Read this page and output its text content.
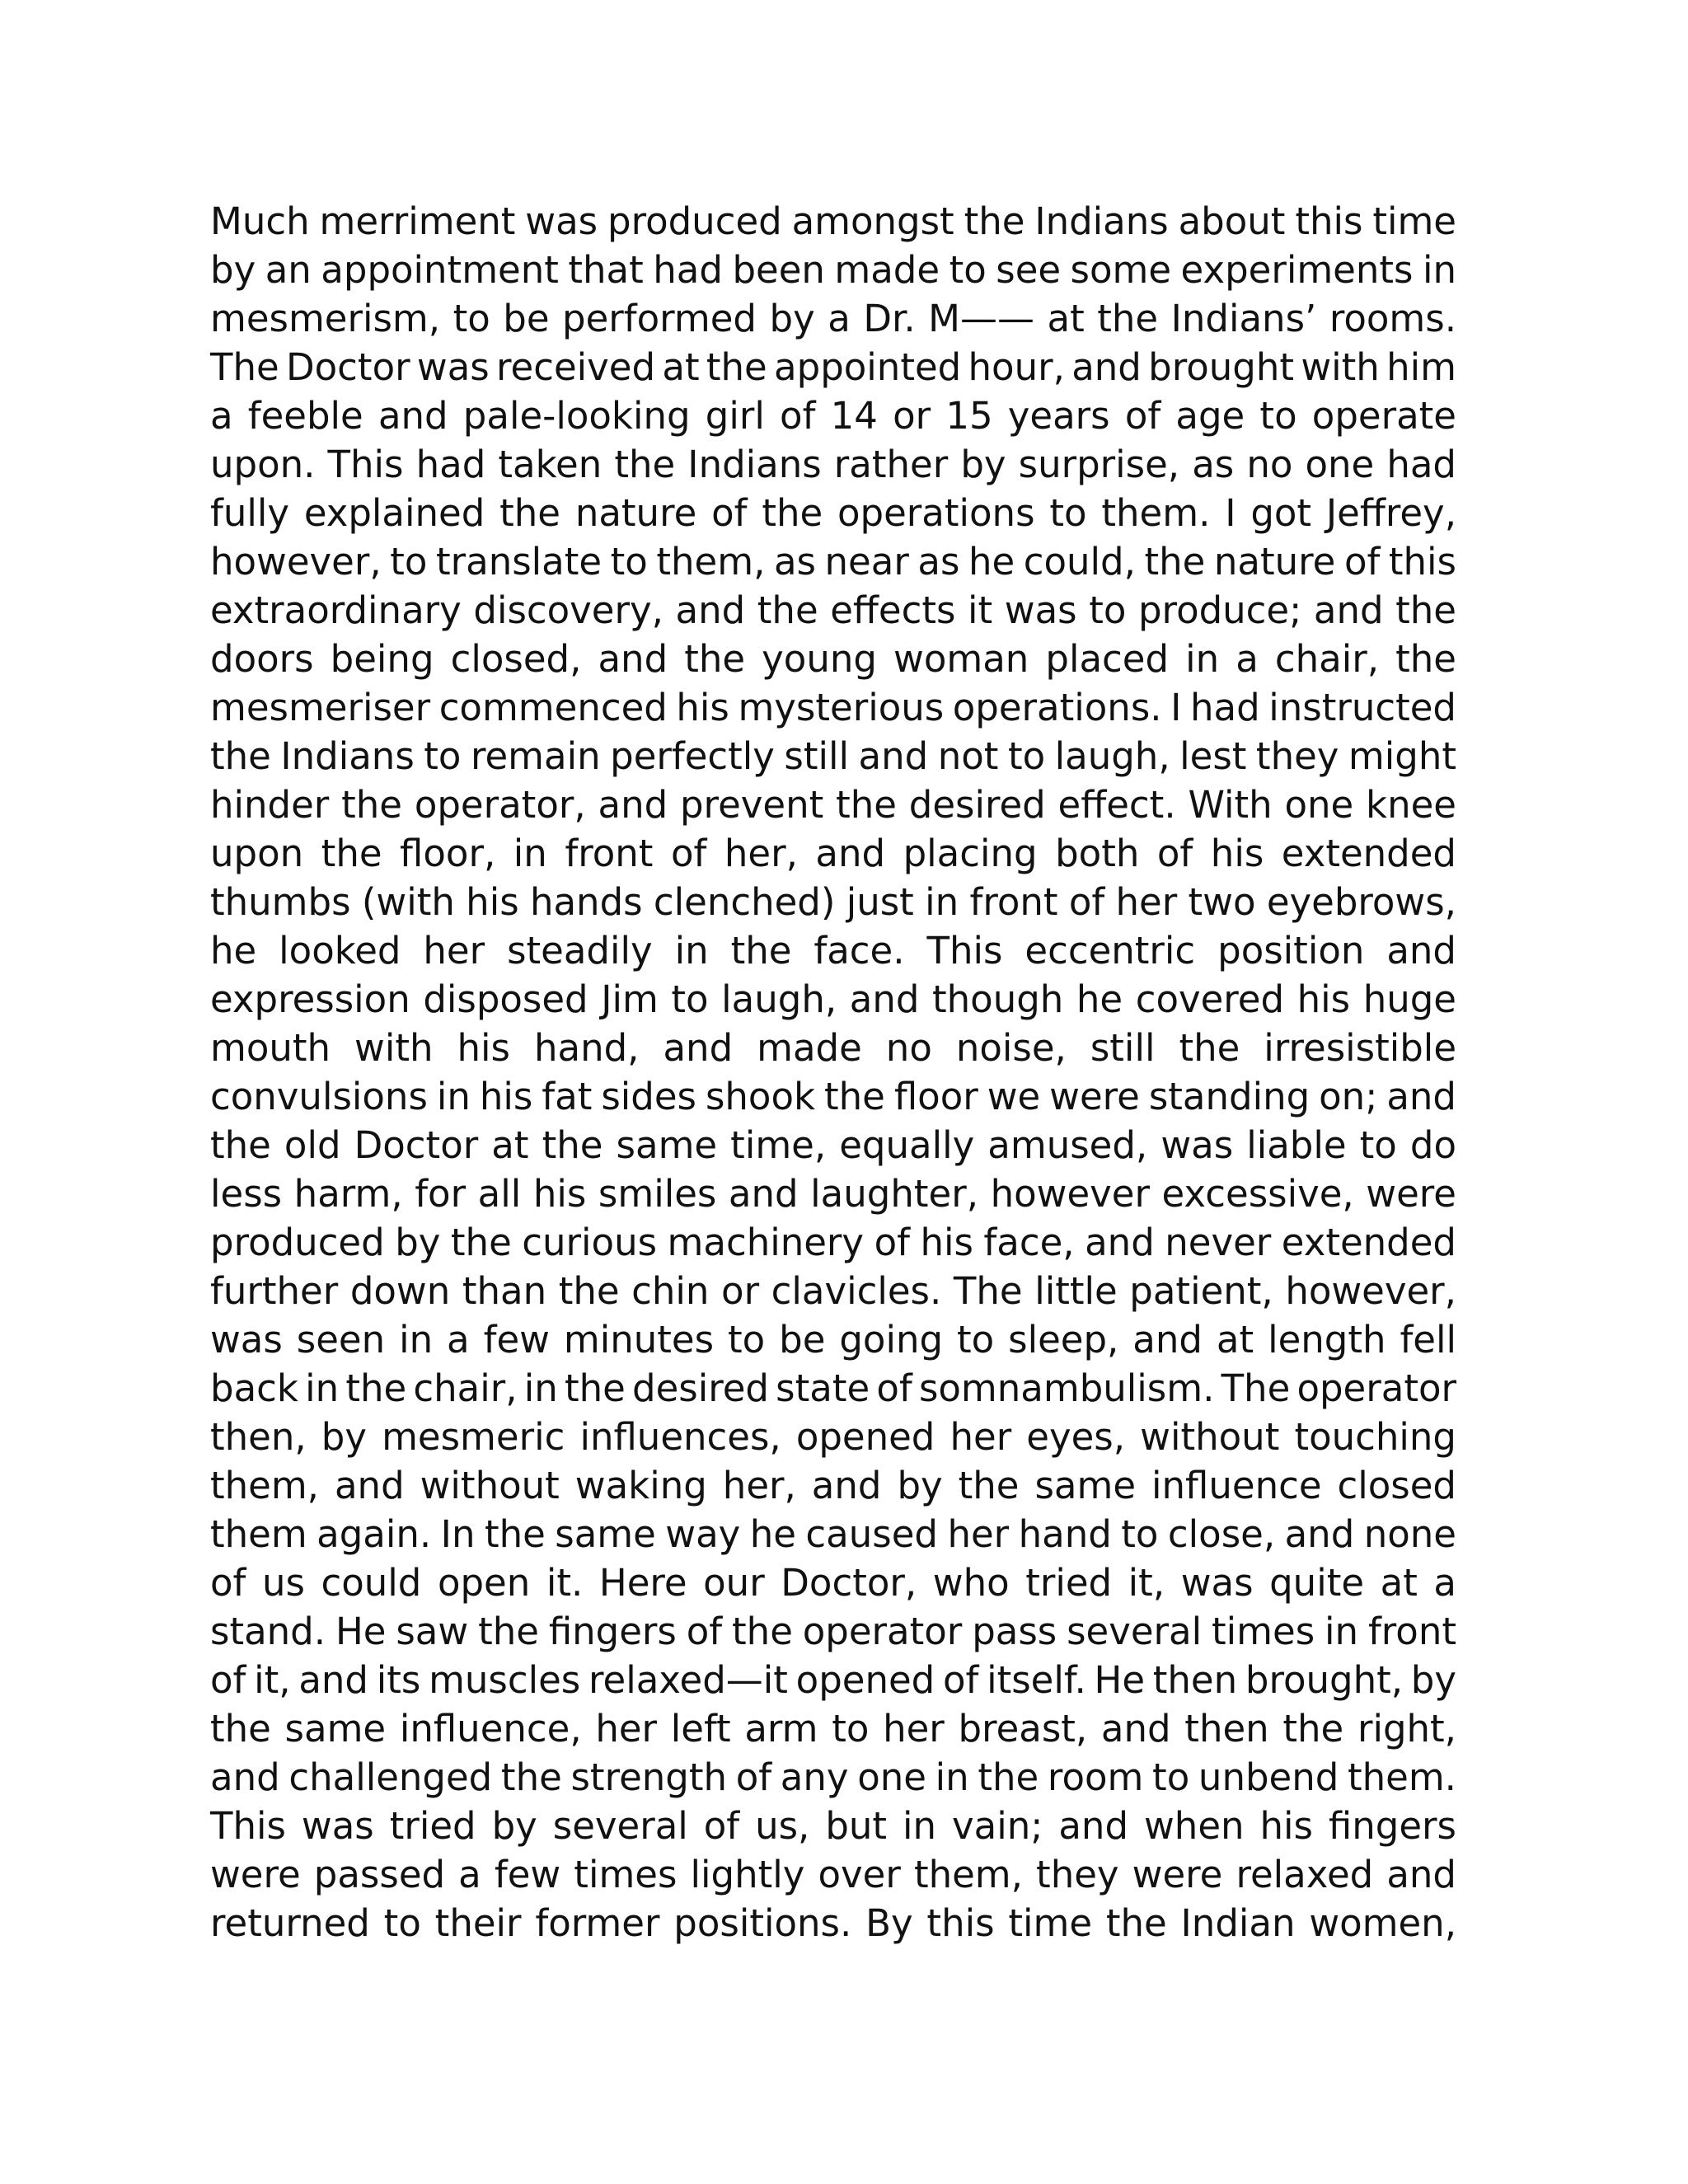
Much merriment was produced amongst the Indians about this time
by an appointment that had been made to see some experiments in
mesmerism, to be performed by a Dr. M—— at the Indians’ rooms.
The Doctor was received at the appointed hour, and brought with him
a feeble and pale-looking girl of 14 or 15 years of age to operate
upon. This had taken the Indians rather by surprise, as no one had
fully explained the nature of the operations to them. I got Jeffrey,
however, to translate to them, as near as he could, the nature of this
extraordinary discovery, and the effects it was to produce; and the
doors being closed, and the young woman placed in a chair, the
mesmeriser commenced his mysterious operations. I had instructed
the Indians to remain perfectly still and not to laugh, lest they might
hinder the operator, and prevent the desired effect. With one knee
upon the floor, in front of her, and placing both of his extended
thumbs (with his hands clenched) just in front of her two eyebrows,
he looked her steadily in the face. This eccentric position and
expression disposed Jim to laugh, and though he covered his huge
mouth with his hand, and made no noise, still the irresistible
convulsions in his fat sides shook the floor we were standing on; and
the old Doctor at the same time, equally amused, was liable to do
less harm, for all his smiles and laughter, however excessive, were
produced by the curious machinery of his face, and never extended
further down than the chin or clavicles. The little patient, however,
was seen in a few minutes to be going to sleep, and at length fell
back in the chair, in the desired state of somnambulism. The operator
then, by mesmeric influences, opened her eyes, without touching
them, and without waking her, and by the same influence closed
them again. In the same way he caused her hand to close, and none
of us could open it. Here our Doctor, who tried it, was quite at a
stand. He saw the fingers of the operator pass several times in front
of it, and its muscles relaxed—it opened of itself. He then brought, by
the same influence, her left arm to her breast, and then the right,
and challenged the strength of any one in the room to unbend them.
This was tried by several of us, but in vain; and when his fingers
were passed a few times lightly over them, they were relaxed and
returned to their former positions. By this time the Indian women,
